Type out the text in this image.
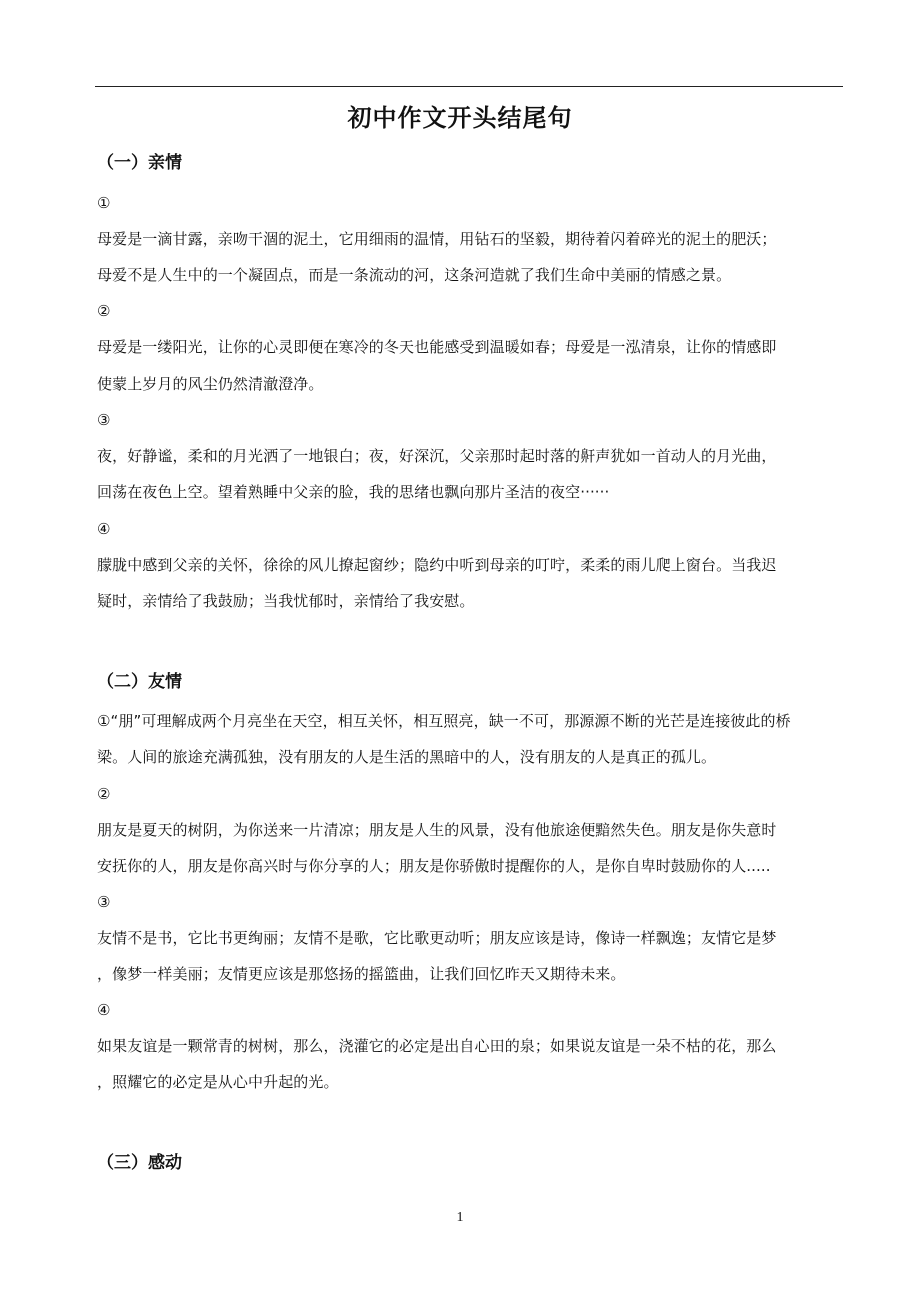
初中作文开头结尾句
（一）亲情
①
母爱是一滴甘露，亲吻干涸的泥土，它用细雨的温情，用钻石的坚毅，期待着闪着碎光的泥土的肥沃；
母爱不是人生中的一个凝固点，而是一条流动的河，这条河造就了我们生命中美丽的情感之景。
②
母爱是一缕阳光，让你的心灵即便在寒冷的冬天也能感受到温暖如春；母爱是一泓清泉，让你的情感即
使蒙上岁月的风尘仍然清澈澄净。
③
夜，好静谧，柔和的月光洒了一地银白；夜，好深沉，父亲那时起时落的鼾声犹如一首动人的月光曲，
回荡在夜色上空。望着熟睡中父亲的脸，我的思绪也飘向那片圣洁的夜空······
④
朦胧中感到父亲的关怀，徐徐的风儿撩起窗纱；隐约中听到母亲的叮咛，柔柔的雨儿爬上窗台。当我迟
疑时，亲情给了我鼓励；当我忧郁时，亲情给了我安慰。
（二）友情
①“朋”可理解成两个月亮坐在天空，相互关怀，相互照亮，缺一不可，那源源不断的光芒是连接彼此的桥
梁。人间的旅途充满孤独，没有朋友的人是生活的黑暗中的人，没有朋友的人是真正的孤儿。
②
朋友是夏天的树阴，为你送来一片清凉；朋友是人生的风景，没有他旅途便黯然失色。朋友是你失意时
安抚你的人，朋友是你高兴时与你分享的人；朋友是你骄傲时提醒你的人，是你自卑时鼓励你的人.....
③
友情不是书，它比书更绚丽；友情不是歌，它比歌更动听；朋友应该是诗，像诗一样飘逸；友情它是梦
，像梦一样美丽；友情更应该是那悠扬的摇篮曲，让我们回忆昨天又期待未来。
④
如果友谊是一颗常青的树树，那么，浇灌它的必定是出自心田的泉；如果说友谊是一朵不枯的花，那么
，照耀它的必定是从心中升起的光。
（三）感动
1
